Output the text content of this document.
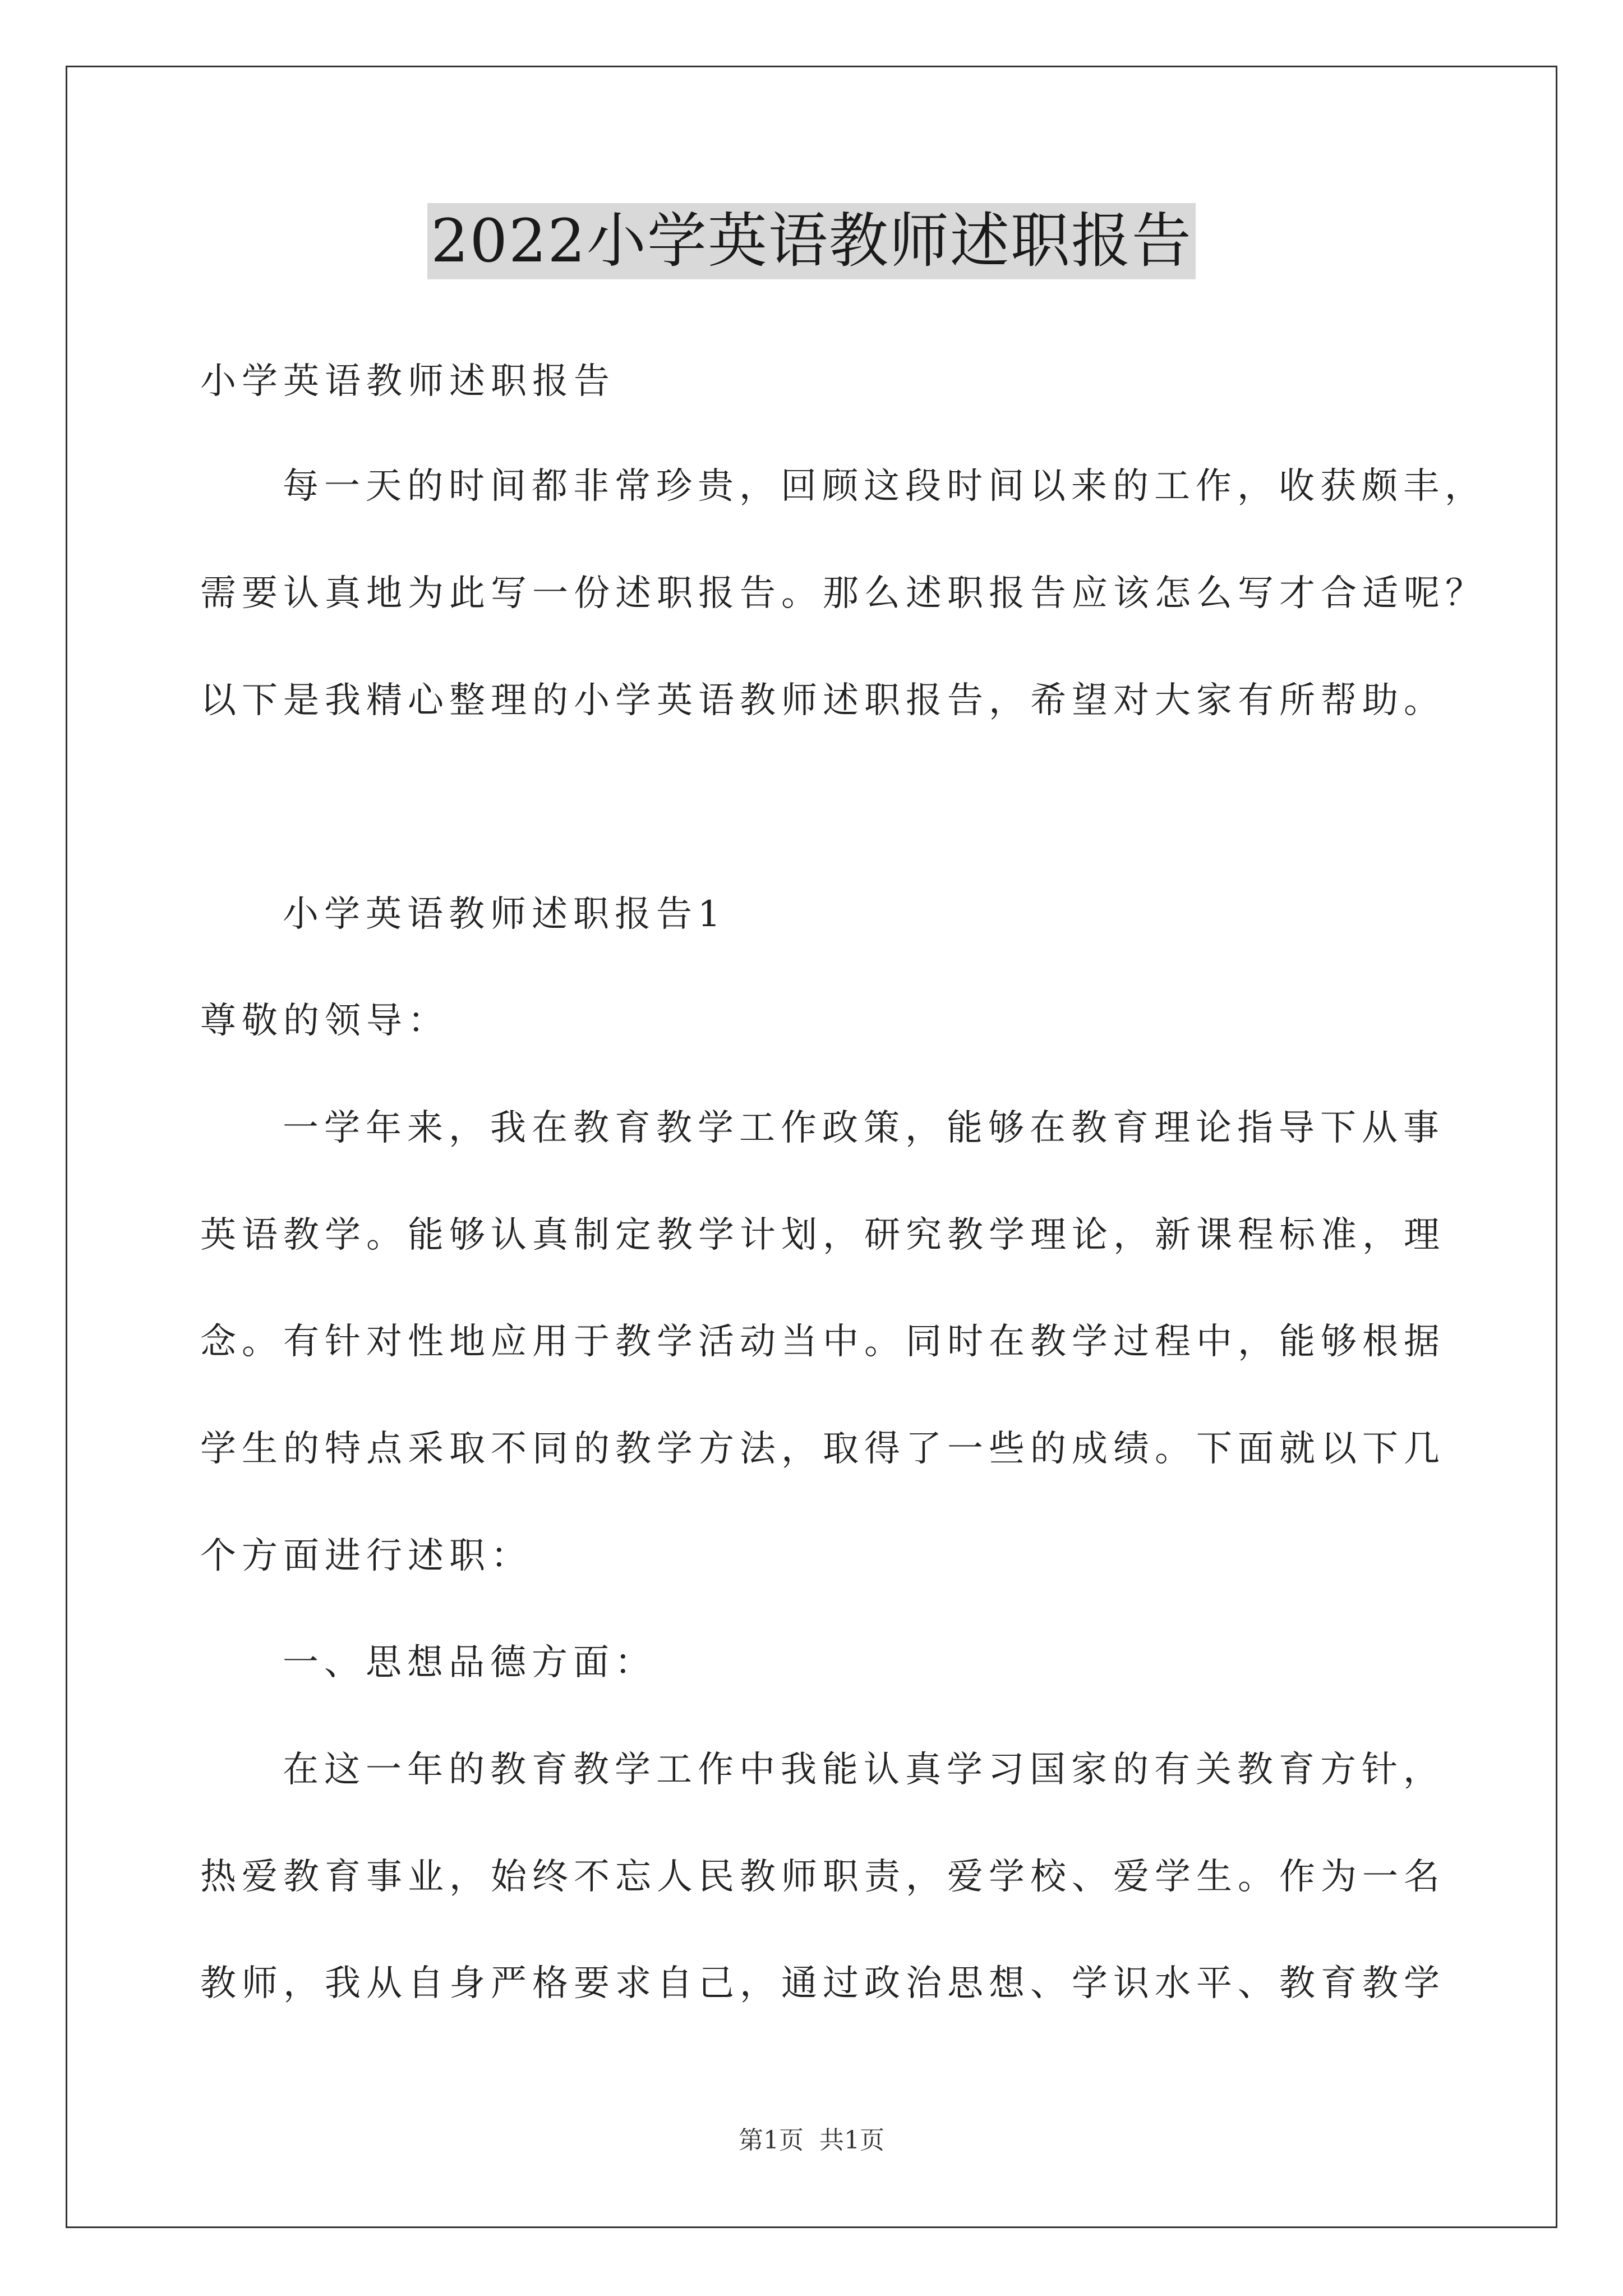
2022小学英语教师述职报告
小学英语教师述职报告
每一天的时间都非常珍贵，回顾这段时间以来的工作，收获颇丰，
需要认真地为此写一份述职报告。那么述职报告应该怎么写才合适呢？
以下是我精心整理的小学英语教师述职报告，希望对大家有所帮助。
小学英语教师述职报告1
尊敬的领导：
一学年来，我在教育教学工作政策，能够在教育理论指导下从事
英语教学。能够认真制定教学计划，研究教学理论，新课程标准，理
念。有针对性地应用于教学活动当中。同时在教学过程中，能够根据
学生的特点采取不同的教学方法，取得了一些的成绩。下面就以下几
个方面进行述职：
一、思想品德方面：
在这一年的教育教学工作中我能认真学习国家的有关教育方针，
热爱教育事业，始终不忘人民教师职责，爱学校、爱学生。作为一名
教师，我从自身严格要求自己，通过政治思想、学识水平、教育教学
第1页 共1页
